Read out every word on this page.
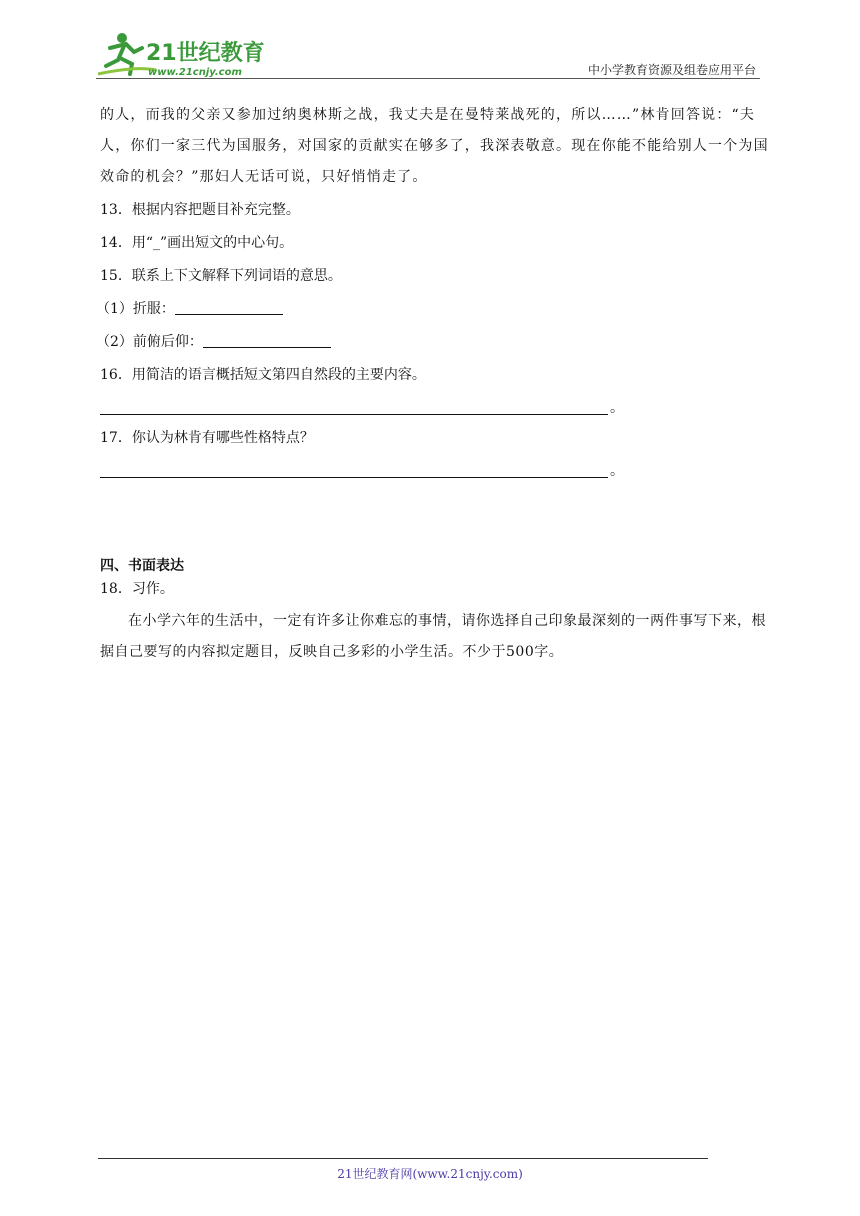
21世纪教育
www.21cnjy.com	中小学教育资源及组卷应用平台

的人，而我的父亲又参加过纳奥林斯之战，我丈夫是在曼特莱战死的，所以……”林肯回答说：“夫

人，你们一家三代为国服务，对国家的贡献实在够多了，我深表敬意。现在你能不能给别人一个为国

效命的机会？”那妇人无话可说，只好悄悄走了。

13．根据内容把题目补充完整。

14．用“_”画出短文的中心句。

15．联系上下文解释下列词语的意思。

（1）折服：

（2）前俯后仰：

16．用简洁的语言概括短文第四自然段的主要内容。

。

17．你认为林肯有哪些性格特点？

。

四、书面表达

18．习作。

在小学六年的生活中，一定有许多让你难忘的事情，请你选择自己印象最深刻的一两件事写下来，根据自己要写的内容拟定题目，反映自己多彩的小学生活。不少于500字。

21世纪教育网(www.21cnjy.com)
